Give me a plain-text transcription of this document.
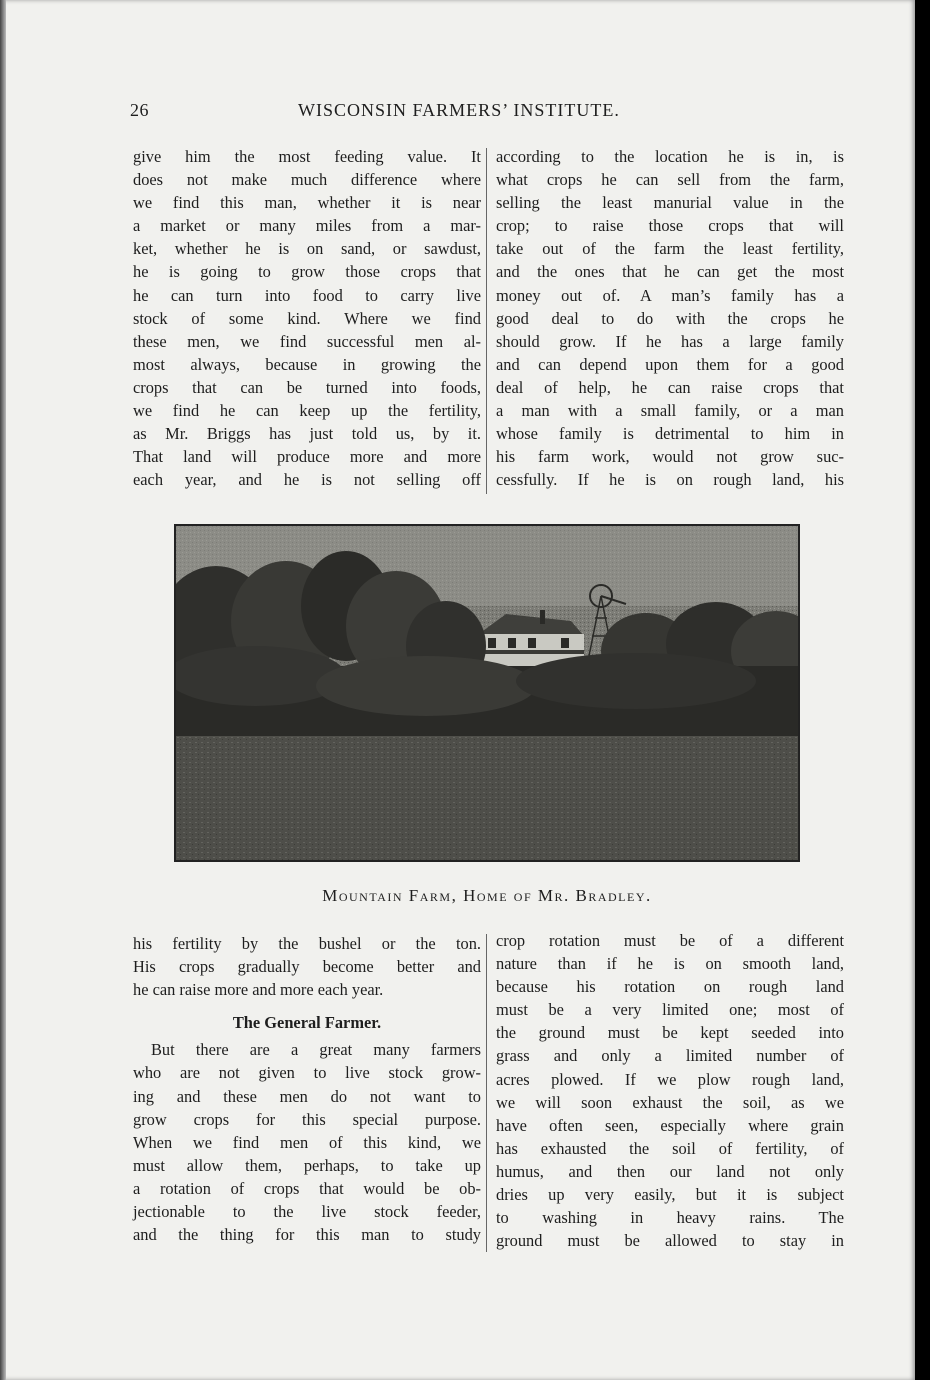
26	WISCONSIN FARMERS’ INSTITUTE.
give him the most feeding value. It
does not make much difference where
we find this man, whether it is near
a market or many miles from a mar-
ket, whether he is on sand, or sawdust,
he is going to grow those crops that
he can turn into food to carry live
stock of some kind. Where we find
these men, we find successful men al-
most always, because in growing the
crops that can be turned into foods,
we find he can keep up the fertility,
as Mr. Briggs has just told us, by it.
That land will produce more and more
each year, and he is not selling off
according to the location he is in, is
what crops he can sell from the farm,
selling the least manurial value in the
crop; to raise those crops that will
take out of the farm the least fertility,
and the ones that he can get the most
money out of. A man’s family has a
good deal to do with the crops he
should grow. If he has a large family
and can depend upon them for a good
deal of help, he can raise crops that
a man with a small family, or a man
whose family is detrimental to him in
his farm work, would not grow suc-
cessfully. If he is on rough land, his
Mountain Farm, Home of Mr. Bradley.
his fertility by the bushel or the ton.
His crops gradually become better and
he can raise more and more each year.
The General Farmer.
But there are a great many farmers
who are not given to live stock grow-
ing and these men do not want to
grow crops for this special purpose.
When we find men of this kind, we
must allow them, perhaps, to take up
a rotation of crops that would be ob-
jectionable to the live stock feeder,
and the thing for this man to study
crop rotation must be of a different
nature than if he is on smooth land,
because his rotation on rough land
must be a very limited one; most of
the ground must be kept seeded into
grass and only a limited number of
acres plowed. If we plow rough land,
we will soon exhaust the soil, as we
have often seen, especially where grain
has exhausted the soil of fertility, of
humus, and then our land not only
dries up very easily, but it is subject
to washing in heavy rains. The
ground must be allowed to stay in
